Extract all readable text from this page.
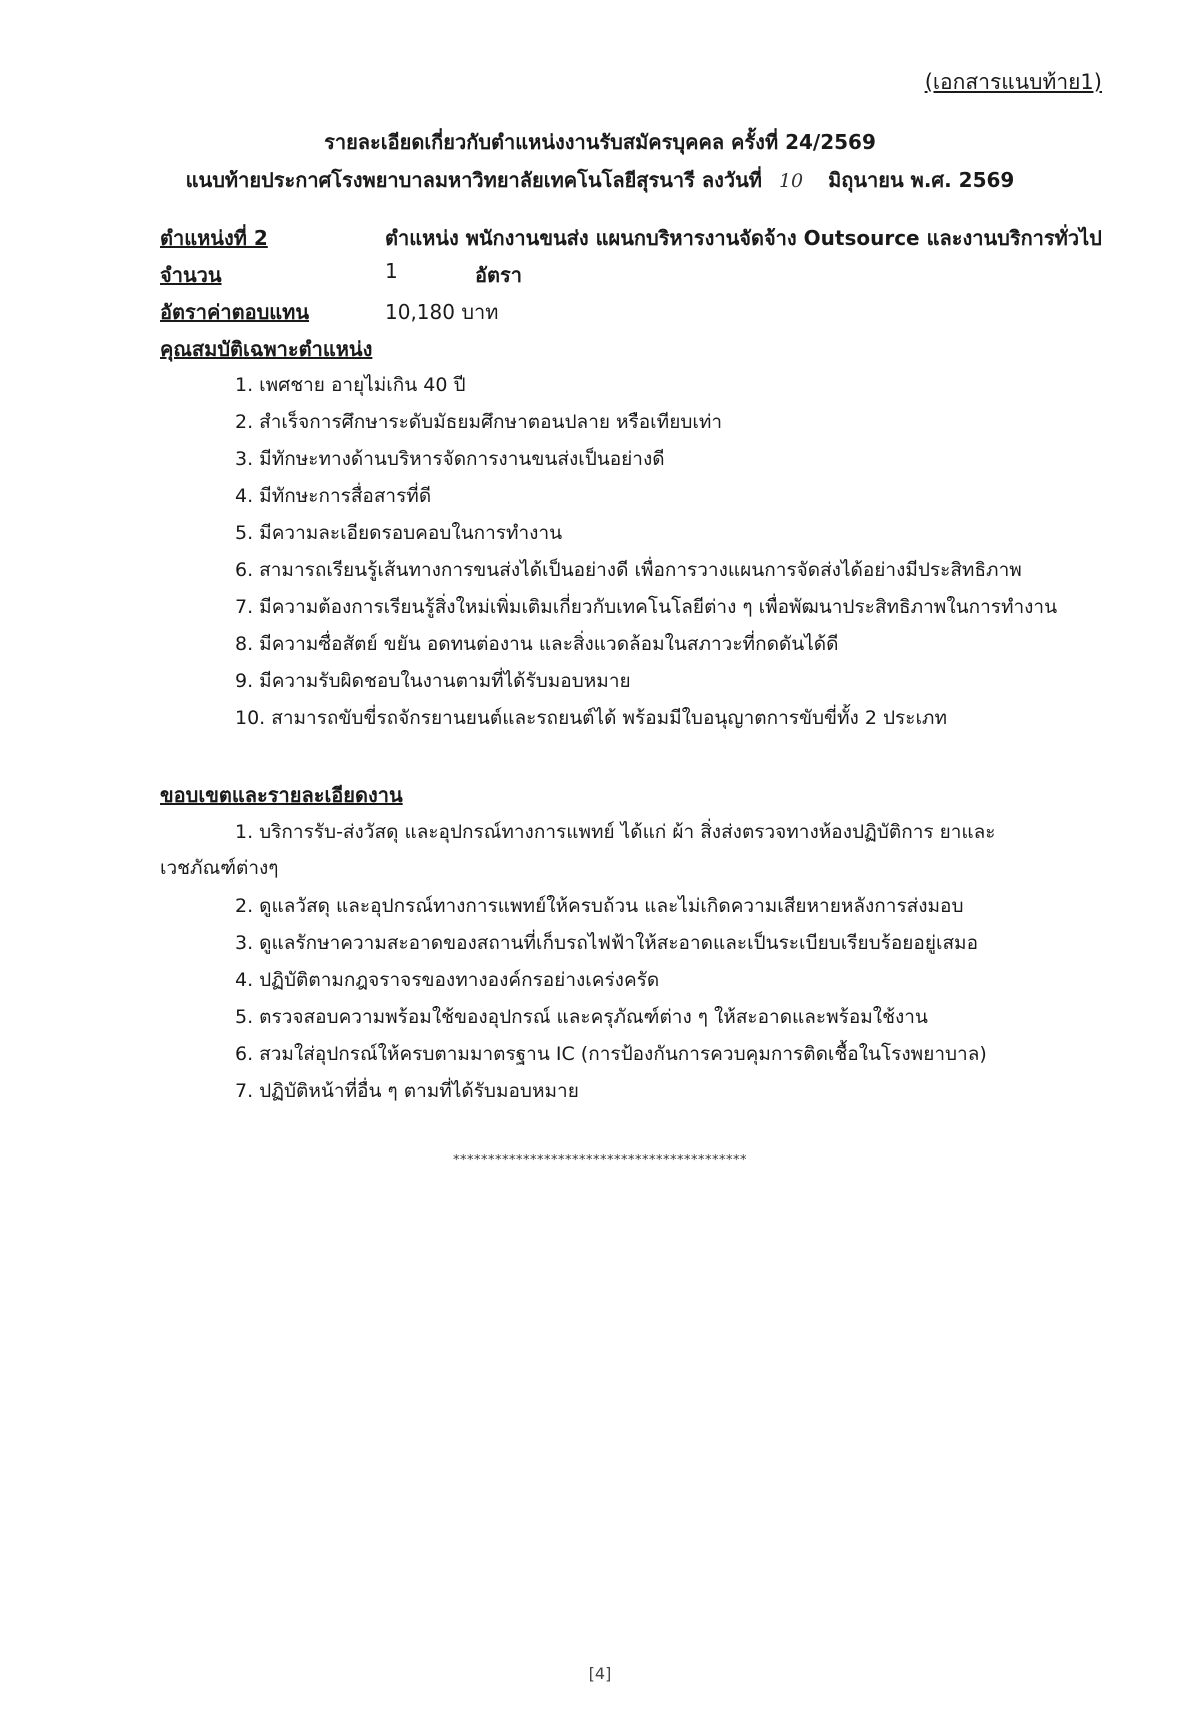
(เอกสารแนบท้าย1)
รายละเอียดเกี่ยวกับตำแหน่งงานรับสมัครบุคคล ครั้งที่ 24/2569
แนบท้ายประกาศโรงพยาบาลมหาวิทยาลัยเทคโนโลยีสุรนารี ลงวันที่ 10 มิถุนายน พ.ศ. 2569
ตำแหน่งที่ 2	ตำแหน่ง พนักงานขนส่ง แผนกบริหารงานจัดจ้าง Outsource และงานบริการทั่วไป
จำนวน	1	อัตรา
อัตราค่าตอบแทน	10,180 บาท
คุณสมบัติเฉพาะตำแหน่ง
1. เพศชาย อายุไม่เกิน 40 ปี
2. สำเร็จการศึกษาระดับมัธยมศึกษาตอนปลาย หรือเทียบเท่า
3. มีทักษะทางด้านบริหารจัดการงานขนส่งเป็นอย่างดี
4. มีทักษะการสื่อสารที่ดี
5. มีความละเอียดรอบคอบในการทำงาน
6. สามารถเรียนรู้เส้นทางการขนส่งได้เป็นอย่างดี เพื่อการวางแผนการจัดส่งได้อย่างมีประสิทธิภาพ
7. มีความต้องการเรียนรู้สิ่งใหม่เพิ่มเติมเกี่ยวกับเทคโนโลยีต่าง ๆ เพื่อพัฒนาประสิทธิภาพในการทำงาน
8. มีความซื่อสัตย์ ขยัน อดทนต่องาน และสิ่งแวดล้อมในสภาวะที่กดดันได้ดี
9. มีความรับผิดชอบในงานตามที่ได้รับมอบหมาย
10. สามารถขับขี่รถจักรยานยนต์และรถยนต์ได้ พร้อมมีใบอนุญาตการขับขี่ทั้ง 2 ประเภท
ขอบเขตและรายละเอียดงาน
1. บริการรับ-ส่งวัสดุ และอุปกรณ์ทางการแพทย์ ได้แก่ ผ้า สิ่งส่งตรวจทางห้องปฏิบัติการ ยาและ
เวชภัณฑ์ต่างๆ
2. ดูแลวัสดุ และอุปกรณ์ทางการแพทย์ให้ครบถ้วน และไม่เกิดความเสียหายหลังการส่งมอบ
3. ดูแลรักษาความสะอาดของสถานที่เก็บรถไฟฟ้าให้สะอาดและเป็นระเบียบเรียบร้อยอยู่เสมอ
4. ปฏิบัติตามกฎจราจรของทางองค์กรอย่างเคร่งครัด
5. ตรวจสอบความพร้อมใช้ของอุปกรณ์ และครุภัณฑ์ต่าง ๆ ให้สะอาดและพร้อมใช้งาน
6. สวมใส่อุปกรณ์ให้ครบตามมาตรฐาน IC (การป้องกันการควบคุมการติดเชื้อในโรงพยาบาล)
7. ปฏิบัติหน้าที่อื่น ๆ ตามที่ได้รับมอบหมาย
******************************************
[4]
